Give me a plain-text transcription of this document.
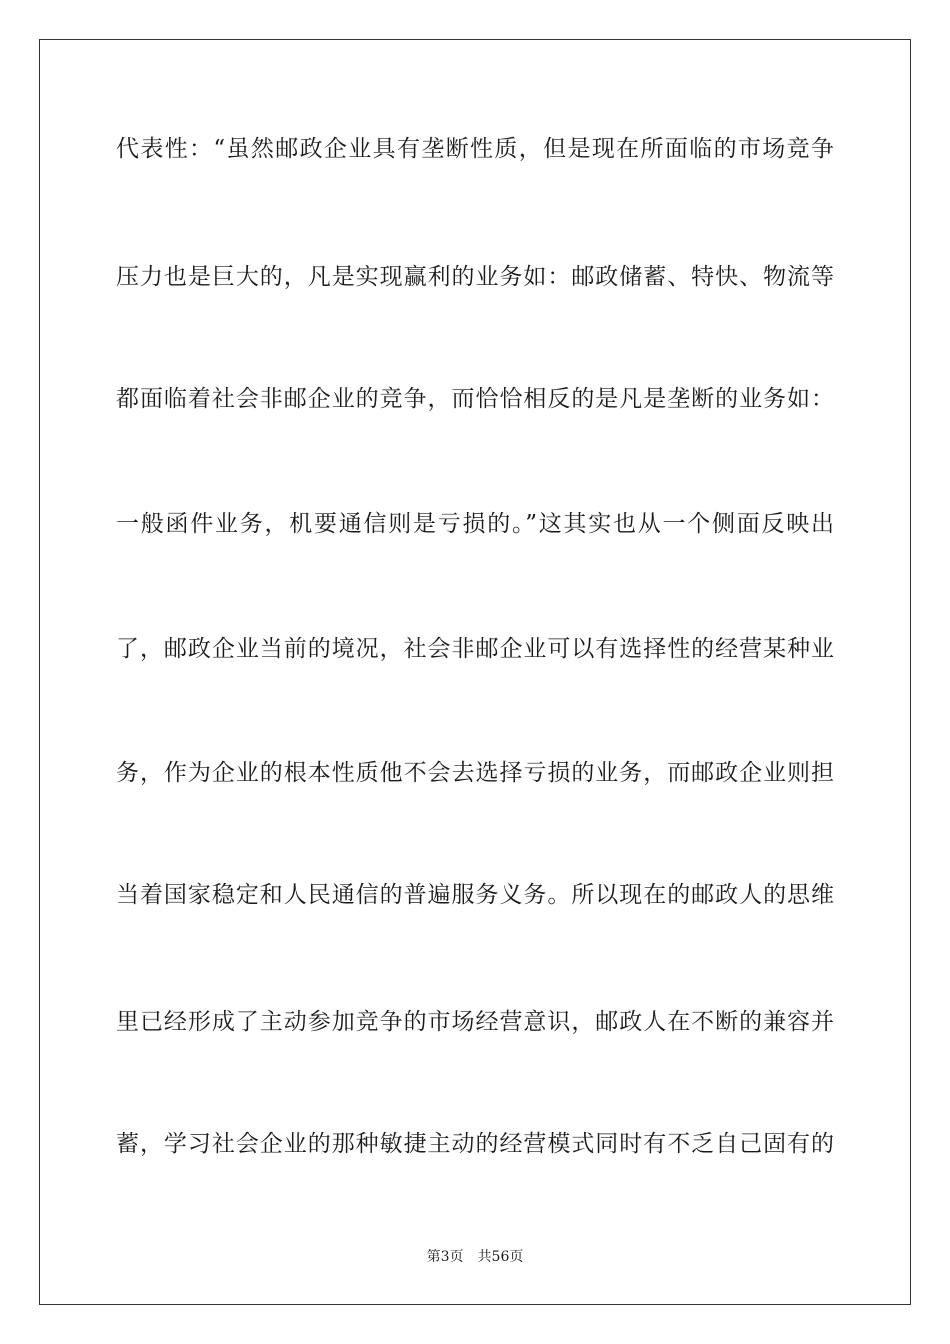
代表性：“虽然邮政企业具有垄断性质，但是现在所面临的市场竞争
压力也是巨大的，凡是实现赢利的业务如：邮政储蓄、特快、物流等
都面临着社会非邮企业的竞争，而恰恰相反的是凡是垄断的业务如：
一般函件业务，机要通信则是亏损的。”这其实也从一个侧面反映出
了，邮政企业当前的境况，社会非邮企业可以有选择性的经营某种业
务，作为企业的根本性质他不会去选择亏损的业务，而邮政企业则担
当着国家稳定和人民通信的普遍服务义务。所以现在的邮政人的思维
里已经形成了主动参加竞争的市场经营意识，邮政人在不断的兼容并
蓄，学习社会企业的那种敏捷主动的经营模式同时有不乏自己固有的
第3页 共56页
